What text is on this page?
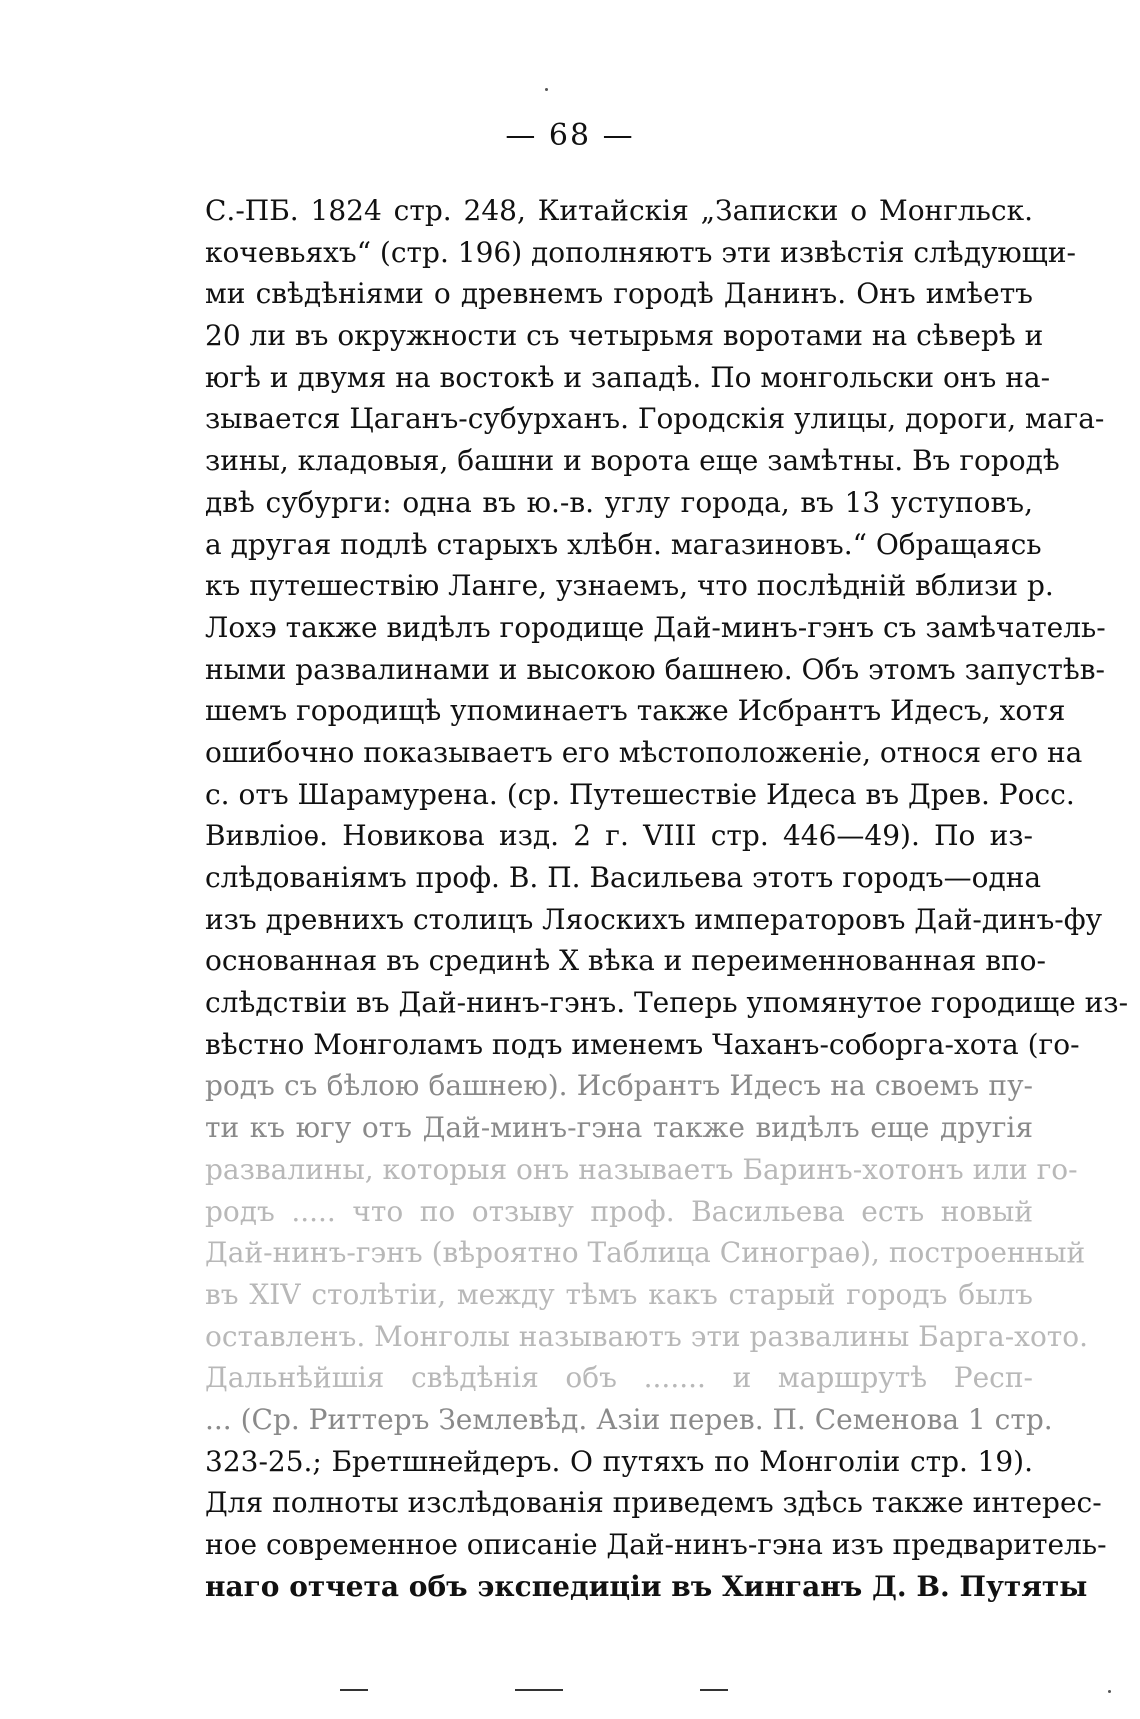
— 68 —
С.-ПБ. 1824 стр. 248, Китайскія „Записки о Монгльск.
кочевьяхъ“ (стр. 196) дополняютъ эти извѣстія слѣдующи-
ми свѣдѣніями о древнемъ городѣ Данинъ. Онъ имѣетъ
20 ли въ окружности съ четырьмя воротами на сѣверѣ и
югѣ и двумя на востокѣ и западѣ. По монгольски онъ на-
зывается Цаганъ-субурханъ. Городскія улицы, дороги, мага-
зины, кладовыя, башни и ворота еще замѣтны. Въ городѣ
двѣ субурги: одна въ ю.-в. углу города, въ 13 уступовъ,
а другая подлѣ старыхъ хлѣбн. магазиновъ.“ Обращаясь
къ путешествію Ланге, узнаемъ, что послѣдній вблизи р.
Лохэ также видѣлъ городище Дай-минъ-гэнъ съ замѣчатель-
ными развалинами и высокою башнею. Объ этомъ запустѣв-
шемъ городищѣ упоминаетъ также Исбрантъ Идесъ, хотя
ошибочно показываетъ его мѣстоположеніе, относя его на
с. отъ Шарамурена. (ср. Путешествіе Идеса въ Древ. Росс.
Вивліоѳ. Новикова изд. 2 г. VIII стр. 446—49). По из-
слѣдованіямъ проф. В. П. Васильева этотъ городъ—одна
изъ древнихъ столицъ Ляоскихъ императоровъ Дай-динъ-фу
основанная въ срединѣ X вѣка и переименнованная впо-
слѣдствіи въ Дай-нинъ-гэнъ. Теперь упомянутое городище из-
вѣстно Монголамъ подъ именемъ Чаханъ-соборга-хота (го-
родъ съ бѣлою башнею). Исбрантъ Идесъ на своемъ пу-
ти къ югу отъ Дай-минъ-гэна также видѣлъ еще другія
развалины, которыя онъ называетъ Баринъ-хотонъ или го-
родъ ..... что по отзыву проф. Васильева есть новый
Дай-нинъ-гэнъ (вѣроятно Таблица Синограѳ), построенный
въ XIV столѣтіи, между тѣмъ какъ старый городъ былъ
оставленъ. Монголы называютъ эти развалины Барга-хото.
Дальнѣйшія свѣдѣнія объ ....... и маршрутѣ Респ-
... (Ср. Риттеръ Землевѣд. Азіи перев. П. Семенова 1 стр.
323-25.; Бретшнейдеръ. О путяхъ по Монголіи стр. 19).
Для полноты изслѣдованія приведемъ здѣсь также интерес-
ное современное описаніе Дай-нинъ-гэна изъ предваритель-
наго отчета объ экспедиціи въ Хинганъ Д. В. Путяты
